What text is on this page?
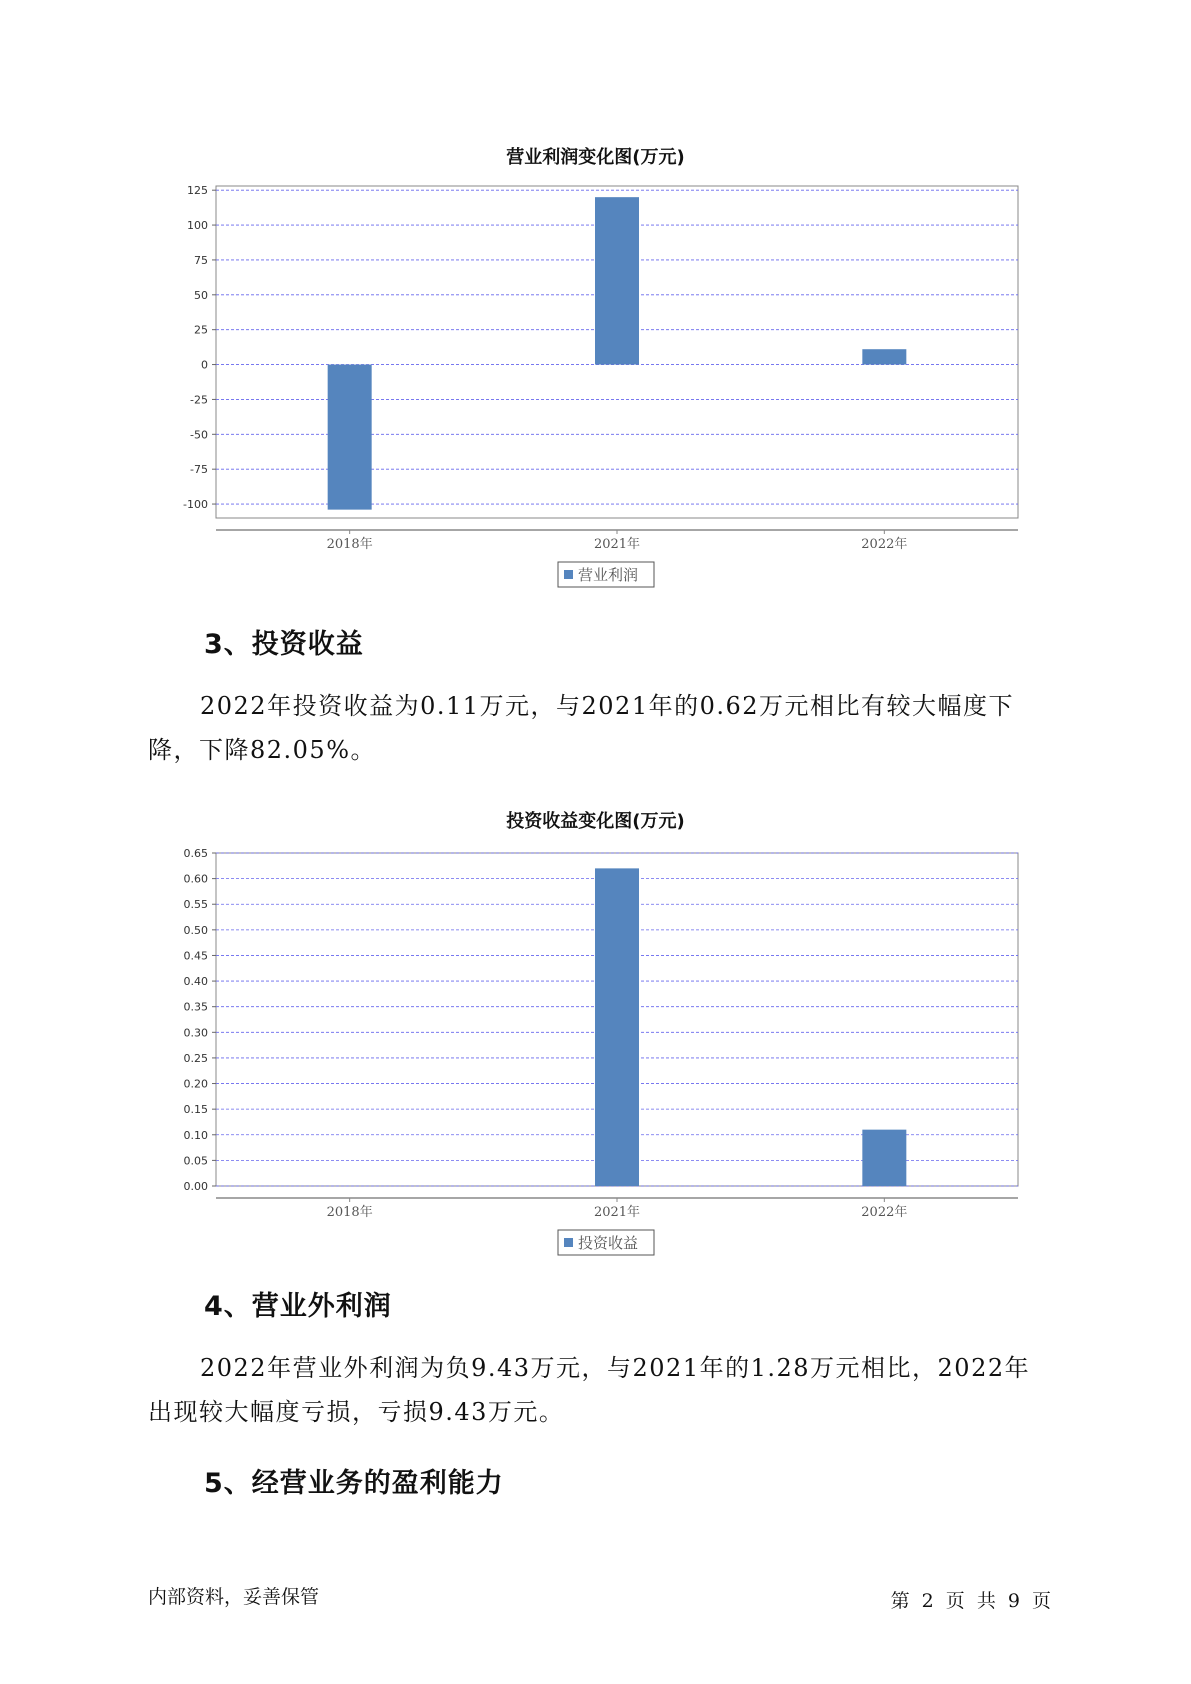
营业利润变化图(万元)
125
100
75
50
25
0
-25
-50
-75
-100
2018年	2021年	2022年
营业利润
3、投资收益

2022年投资收益为0.11万元，与2021年的0.62万元相比有较大幅度下降，下降82.05%。

投资收益变化图(万元)
0.65
0.60
0.55
0.50
0.45
0.40
0.35
0.30
0.25
0.20
0.15
0.10
0.05
0.00
2018年	2021年	2022年
投资收益
4、营业外利润

2022年营业外利润为负9.43万元，与2021年的1.28万元相比，2022年出现较大幅度亏损，亏损9.43万元。

5、经营业务的盈利能力
内部资料，妥善保管	第 2 页 共 9 页
